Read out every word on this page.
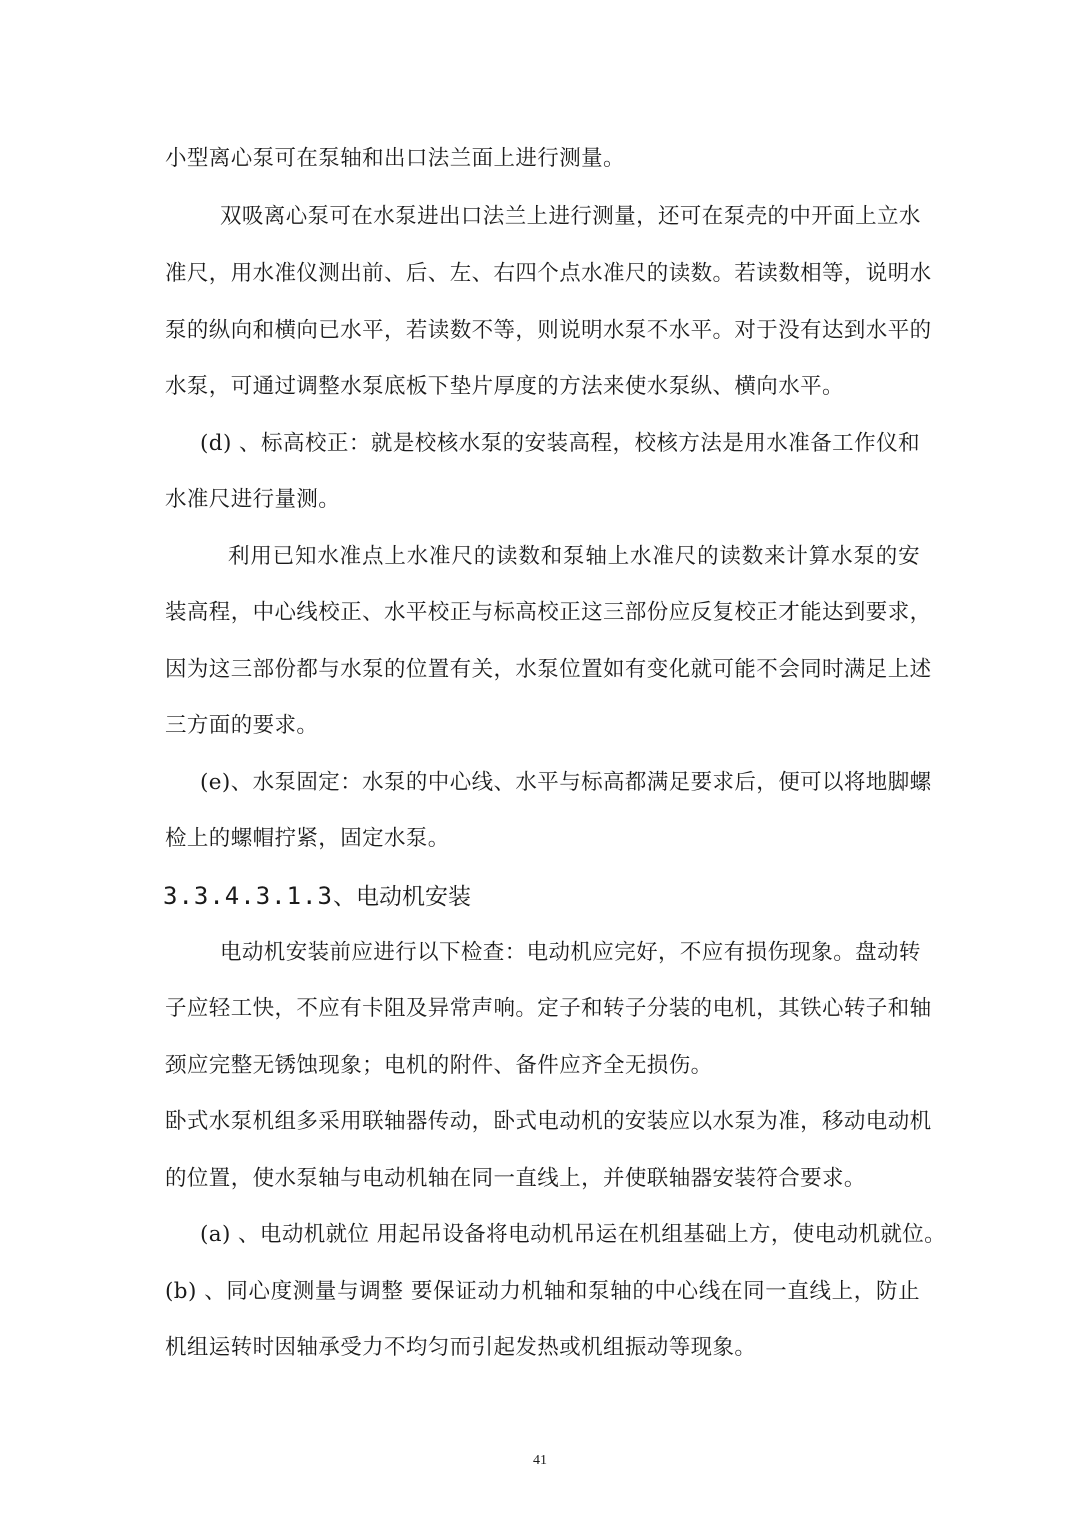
小型离心泵可在泵轴和出口法兰面上进行测量。
双吸离心泵可在水泵进出口法兰上进行测量，还可在泵壳的中开面上立水
准尺，用水准仪测出前、后、左、右四个点水准尺的读数。若读数相等，说明水
泵的纵向和横向已水平，若读数不等，则说明水泵不水平。对于没有达到水平的
水泵，可通过调整水泵底板下垫片厚度的方法来使水泵纵、横向水平。
(d) 、标高校正：就是校核水泵的安装高程，校核方法是用水准备工作仪和
水准尺进行量测。
利用已知水准点上水准尺的读数和泵轴上水准尺的读数来计算水泵的安
装高程，中心线校正、水平校正与标高校正这三部份应反复校正才能达到要求，
因为这三部份都与水泵的位置有关，水泵位置如有变化就可能不会同时满足上述
三方面的要求。
(e)、水泵固定：水泵的中心线、水平与标高都满足要求后，便可以将地脚螺
检上的螺帽拧紧，固定水泵。
3.3.4.3.1.3、电动机安装
电动机安装前应进行以下检查：电动机应完好，不应有损伤现象。盘动转
子应轻工快，不应有卡阻及异常声响。定子和转子分装的电机，其铁心转子和轴
颈应完整无锈蚀现象；电机的附件、备件应齐全无损伤。
卧式水泵机组多采用联轴器传动，卧式电动机的安装应以水泵为准，移动电动机
的位置，使水泵轴与电动机轴在同一直线上，并使联轴器安装符合要求。
(a) 、电动机就位 用起吊设备将电动机吊运在机组基础上方，使电动机就位。
(b) 、同心度测量与调整 要保证动力机轴和泵轴的中心线在同一直线上，防止
机组运转时因轴承受力不均匀而引起发热或机组振动等现象。
41
